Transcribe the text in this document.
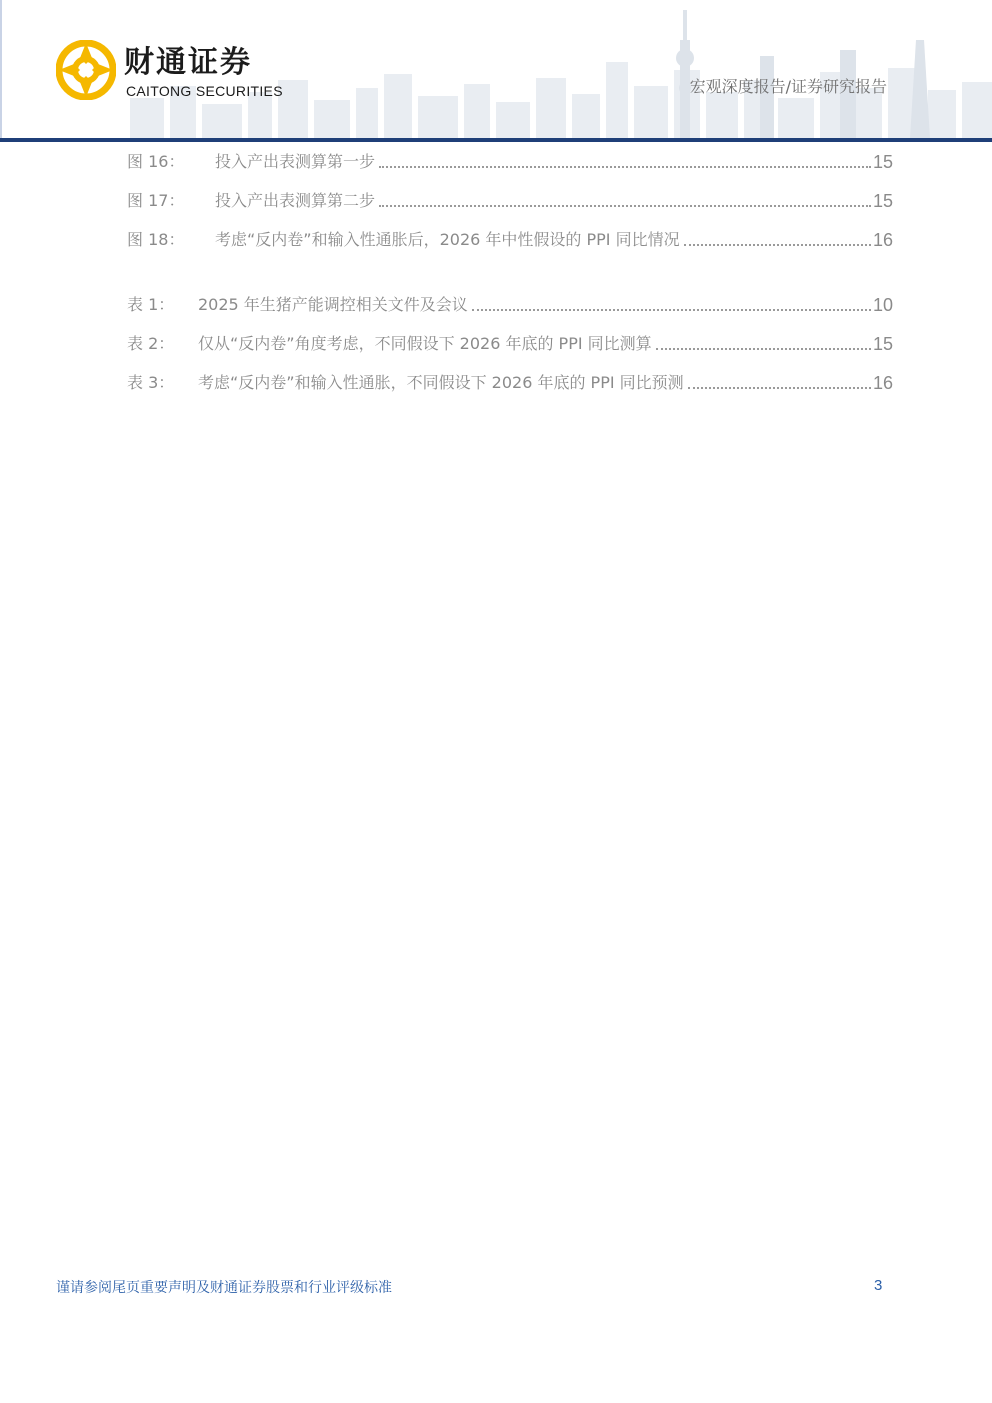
财通证券
CAITONG SECURITIES	宏观深度报告/证券研究报告
图 16：	投入产出表测算第一步	15
图 17：	投入产出表测算第二步	15
图 18：	考虑“反内卷”和输入性通胀后，2026 年中性假设的 PPI 同比情况	16
表 1：	2025 年生猪产能调控相关文件及会议	10
表 2：	仅从“反内卷”角度考虑，不同假设下 2026 年底的 PPI 同比测算	15
表 3：	考虑“反内卷”和输入性通胀，不同假设下 2026 年底的 PPI 同比预测	16
谨请参阅尾页重要声明及财通证券股票和行业评级标准	3
